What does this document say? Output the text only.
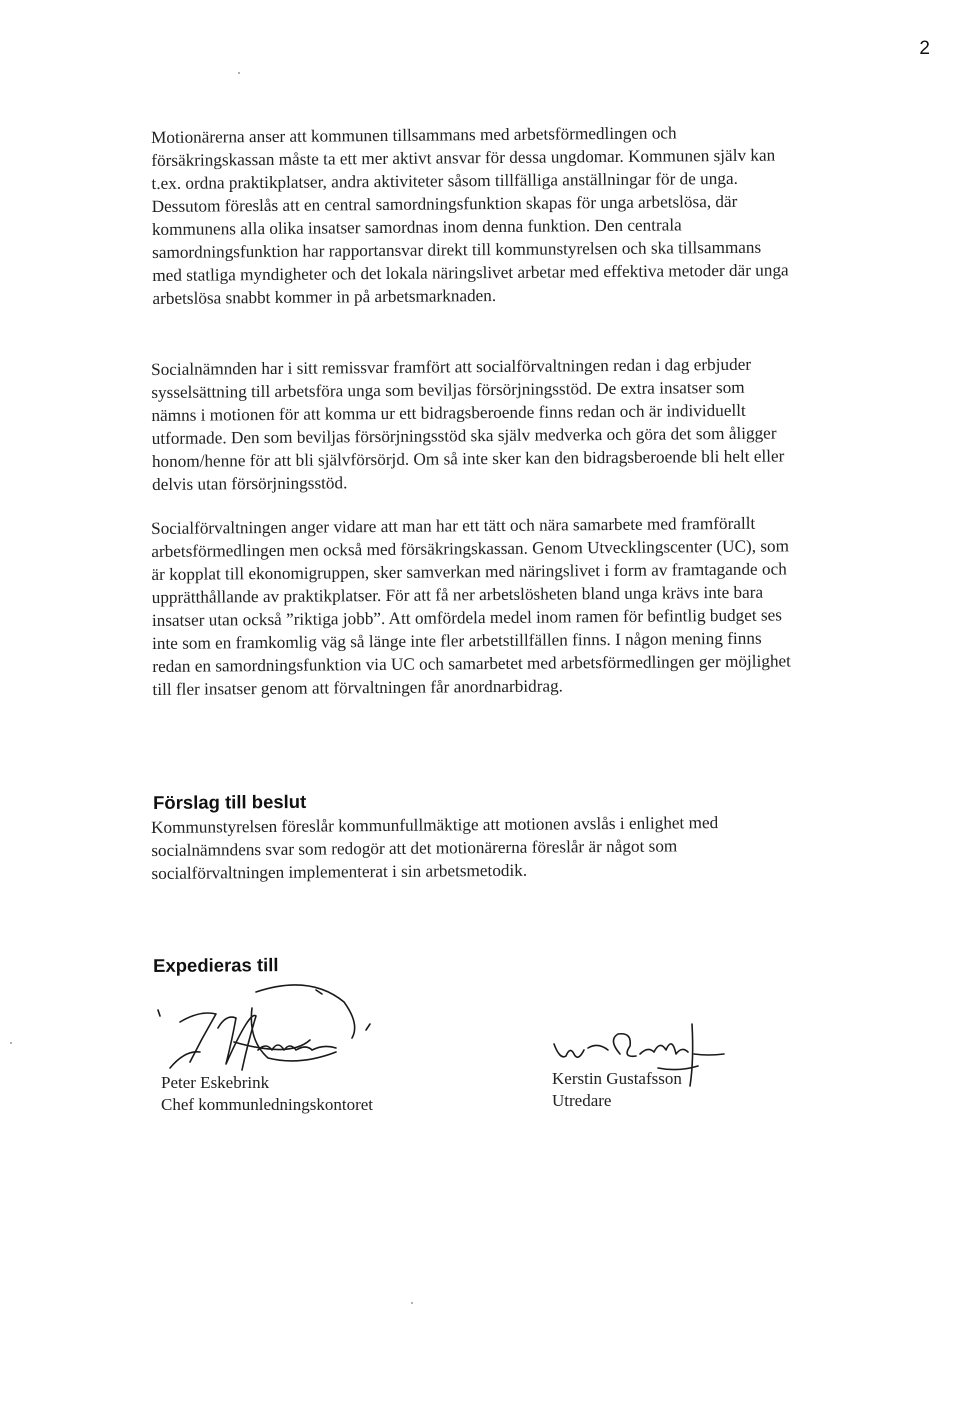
2

Motionärerna anser att kommunen tillsammans med arbetsförmedlingen och försäkringskassan måste ta ett mer aktivt ansvar för dessa ungdomar. Kommunen själv kan t.ex. ordna praktikplatser, andra aktiviteter såsom tillfälliga anställningar för de unga. Dessutom föreslås att en central samordningsfunktion skapas för unga arbetslösa, där kommunens alla olika insatser samordnas inom denna funktion. Den centrala samordningsfunktion har rapportansvar direkt till kommunstyrelsen och ska tillsammans med statliga myndigheter och det lokala näringslivet arbetar med effektiva metoder där unga arbetslösa snabbt kommer in på arbetsmarknaden.

Socialnämnden har i sitt remissvar framfört att socialförvaltningen redan i dag erbjuder sysselsättning till arbetsföra unga som beviljas försörjningsstöd. De extra insatser som nämns i motionen för att komma ur ett bidragsberoende finns redan och är individuellt utformade. Den som beviljas försörjningsstöd ska själv medverka och göra det som åligger honom/henne för att bli självförsörjd. Om så inte sker kan den bidragsberoende bli helt eller delvis utan försörjningsstöd.

Socialförvaltningen anger vidare att man har ett tätt och nära samarbete med framförallt arbetsförmedlingen men också med försäkringskassan. Genom Utvecklingscenter (UC), som är kopplat till ekonomigruppen, sker samverkan med näringslivet i form av framtagande och upprätthållande av praktikplatser. För att få ner arbetslösheten bland unga krävs inte bara insatser utan också ”riktiga jobb”. Att omfördela medel inom ramen för befintlig budget ses inte som en framkomlig väg så länge inte fler arbetstillfällen finns. I någon mening finns redan en samordningsfunktion via UC och samarbetet med arbetsförmedlingen ger möjlighet till fler insatser genom att förvaltningen får anordnarbidrag.

Förslag till beslut

Kommunstyrelsen föreslår kommunfullmäktige att motionen avslås i enlighet med socialnämndens svar som redogör att det motionärerna föreslår är något som socialförvaltningen implementerat i sin arbetsmetodik.

Expedieras till
Peter Eskebrink
Chef kommunledningskontoret
Kerstin Gustafsson
Utredare
